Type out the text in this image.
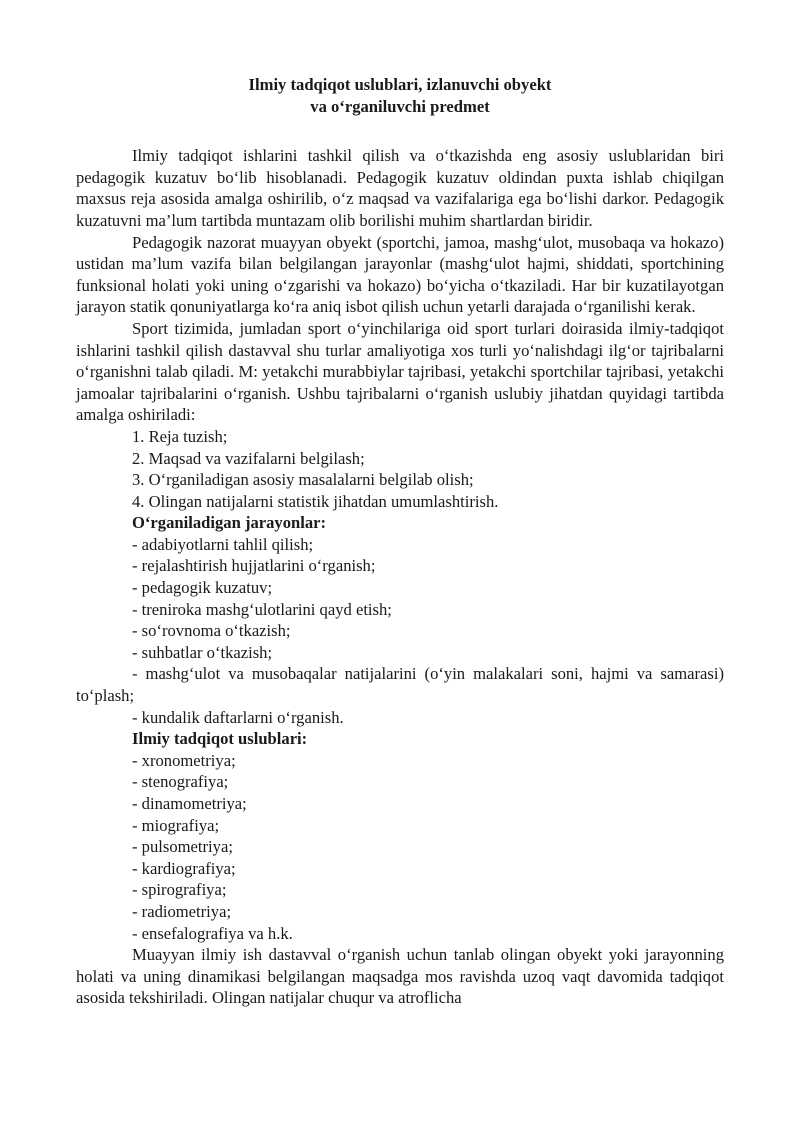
Ilmiy tadqiqot uslublari, izlanuvchi obyekt
va o‘rganiluvchi predmet

Ilmiy tadqiqot ishlarini tashkil qilish va o‘tkazishda eng asosiy uslublaridan biri pedagogik kuzatuv bo‘lib hisoblanadi. Pedagogik kuzatuv oldindan puxta ishlab chiqilgan maxsus reja asosida amalga oshirilib, o‘z maqsad va vazifalariga ega bo‘lishi darkor. Pedagogik kuzatuvni ma’lum tartibda muntazam olib borilishi muhim shartlardan biridir.

Pedagogik nazorat muayyan obyekt (sportchi, jamoa, mashg‘ulot, musobaqa va hokazo) ustidan ma’lum vazifa bilan belgilangan jarayonlar (mashg‘ulot hajmi, shiddati, sportchining funksional holati yoki uning o‘zgarishi va hokazo) bo‘yicha o‘tkaziladi. Har bir kuzatilayotgan jarayon statik qonuniyatlarga ko‘ra aniq isbot qilish uchun yetarli darajada o‘rganilishi kerak.

Sport tizimida, jumladan sport o‘yinchilariga oid sport turlari doirasida ilmiy-tadqiqot ishlarini tashkil qilish dastavval shu turlar amaliyotiga xos turli yo‘nalishdagi ilg‘or tajribalarni o‘rganishni talab qiladi. M: yetakchi murabbiylar tajribasi, yetakchi sportchilar tajribasi, yetakchi jamoalar tajribalarini o‘rganish. Ushbu tajribalarni o‘rganish uslubiy jihatdan quyidagi tartibda amalga oshiriladi:

1. Reja tuzish;

2. Maqsad va vazifalarni belgilash;

3. O‘rganiladigan asosiy masalalarni belgilab olish;

4. Olingan natijalarni statistik jihatdan umumlashtirish.

O‘rganiladigan jarayonlar:

- adabiyotlarni tahlil qilish;

- rejalashtirish hujjatlarini o‘rganish;

- pedagogik kuzatuv;

- treniroka mashg‘ulotlarini qayd etish;

- so‘rovnoma o‘tkazish;

- suhbatlar o‘tkazish;

- mashg‘ulot va musobaqalar natijalarini (o‘yin malakalari soni, hajmi va samarasi) to‘plash;

- kundalik daftarlarni o‘rganish.

Ilmiy tadqiqot uslublari:

- xronometriya;

- stenografiya;

- dinamometriya;

- miografiya;

- pulsometriya;

- kardiografiya;

- spirografiya;

- radiometriya;

- ensefalografiya va h.k.

Muayyan ilmiy ish dastavval o‘rganish uchun tanlab olingan obyekt yoki jarayonning holati va uning dinamikasi belgilangan maqsadga mos ravishda uzoq vaqt davomida tadqiqot asosida tekshiriladi. Olingan natijalar chuqur va atroflicha
